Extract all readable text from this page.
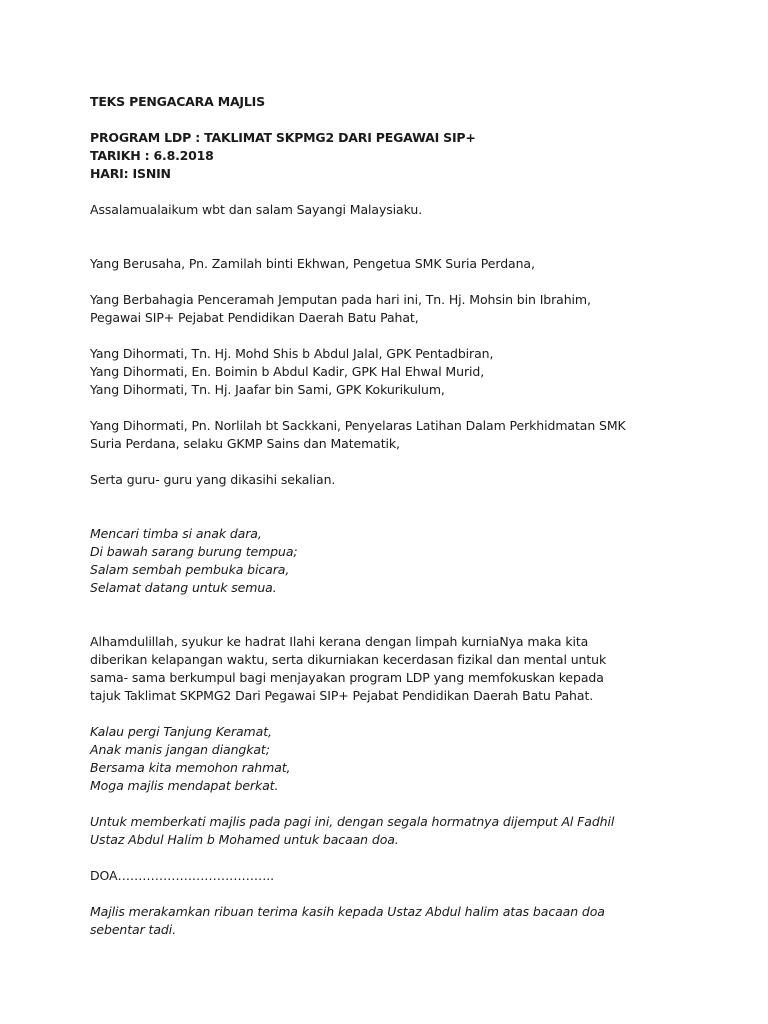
TEKS PENGACARA MAJLIS

PROGRAM LDP : TAKLIMAT SKPMG2 DARI PEGAWAI SIP+

TARIKH : 6.8.2018

HARI: ISNIN

Assalamualaikum wbt dan salam Sayangi Malaysiaku.

Yang Berusaha, Pn. Zamilah binti Ekhwan, Pengetua SMK Suria Perdana,

Yang Berbahagia Penceramah Jemputan pada hari ini, Tn. Hj. Mohsin bin Ibrahim,
Pegawai SIP+ Pejabat Pendidikan Daerah Batu Pahat,
Yang Dihormati, Tn. Hj. Mohd Shis b Abdul Jalal, GPK Pentadbiran,
Yang Dihormati, En. Boimin b Abdul Kadir, GPK Hal Ehwal Murid,
Yang Dihormati, Tn. Hj. Jaafar bin Sami, GPK Kokurikulum,
Yang Dihormati, Pn. Norlilah bt Sackkani, Penyelaras Latihan Dalam Perkhidmatan SMK
Suria Perdana, selaku GKMP Sains dan Matematik,

Serta guru- guru yang dikasihi sekalian.

Mencari timba si anak dara,
Di bawah sarang burung tempua;
Salam sembah pembuka bicara,
Selamat datang untuk semua.
Alhamdulillah, syukur ke hadrat Ilahi kerana dengan limpah kurniaNya maka kita
diberikan kelapangan waktu, serta dikurniakan kecerdasan fizikal dan mental untuk
sama- sama berkumpul bagi menjayakan program LDP yang memfokuskan kepada
tajuk Taklimat SKPMG2 Dari Pegawai SIP+ Pejabat Pendidikan Daerah Batu Pahat.
Kalau pergi Tanjung Keramat,
Anak manis jangan diangkat;
Bersama kita memohon rahmat,
Moga majlis mendapat berkat.
Untuk memberkati majlis pada pagi ini, dengan segala hormatnya dijemput Al Fadhil
Ustaz Abdul Halim b Mohamed untuk bacaan doa.

DOA………………………………..

Majlis merakamkan ribuan terima kasih kepada Ustaz Abdul halim atas bacaan doa
sebentar tadi.
